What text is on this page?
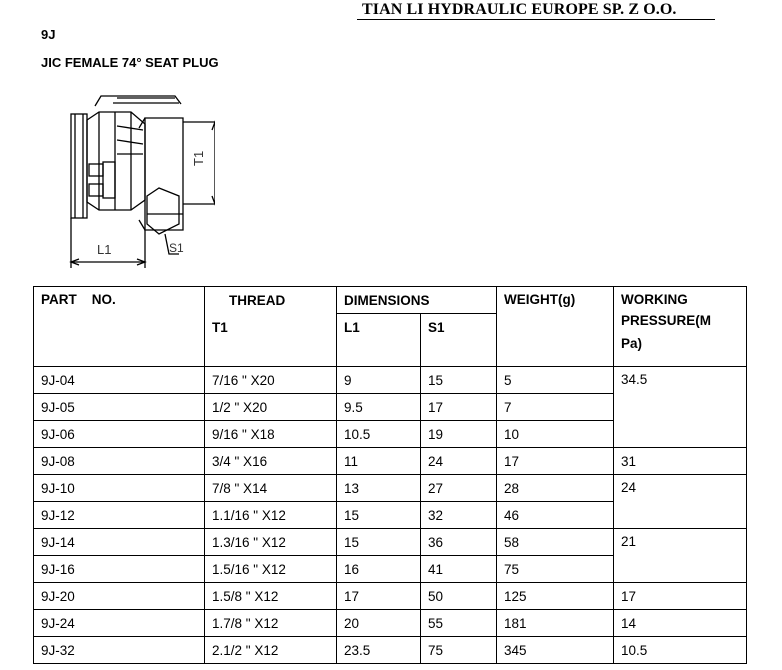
TIAN LI HYDRAULIC EUROPE SP. Z O.O.
9J
JIC FEMALE 74° SEAT PLUG
T1
L1	S1
PART    NO.	THREAD	DIMENSIONS		WEIGHT(g)	WORKING
PRESSURE(M
Pa)

	T1	L1	S1		

9J-04	7/16 " X20	9	15	5	34.5
9J-05	1/2 " X20	9.5	17	7	
9J-06	9/16 " X18	10.5	19	10	
9J-08	3/4 " X16	11	24	17	31
9J-10	7/8 " X14	13	27	28	24
9J-12	1.1/16 " X12	15	32	46	
9J-14	1.3/16 " X12	15	36	58	21
9J-16	1.5/16 " X12	16	41	75	
9J-20	1.5/8 " X12	17	50	125	17
9J-24	1.7/8 " X12	20	55	181	14
9J-32	2.1/2 " X12	23.5	75	345	10.5
